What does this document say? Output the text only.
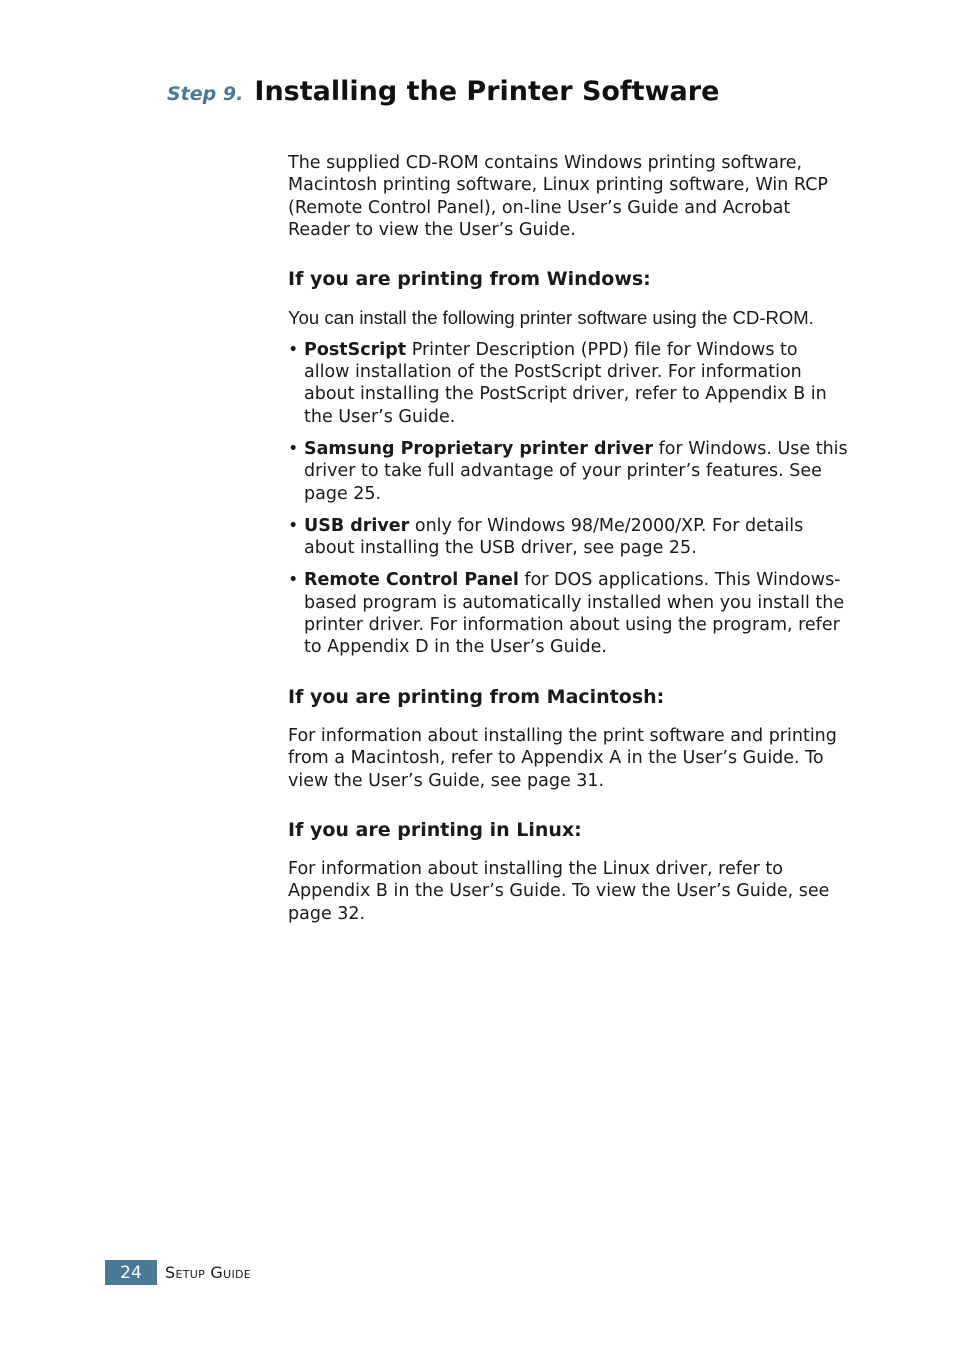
Step 9. Installing the Printer Software

The supplied CD-ROM contains Windows printing software, Macintosh printing software, Linux printing software, Win RCP (Remote Control Panel), on-line User’s Guide and Acrobat Reader to view the User’s Guide.

If you are printing from Windows:

You can install the following printer software using the CD-ROM.

• PostScript Printer Description (PPD) file for Windows to allow installation of the PostScript driver. For information about installing the PostScript driver, refer to Appendix B in the User’s Guide.
• Samsung Proprietary printer driver for Windows. Use this driver to take full advantage of your printer’s features. See page 25.
• USB driver only for Windows 98/Me/2000/XP. For details about installing the USB driver, see page 25.
• Remote Control Panel for DOS applications. This Windows-based program is automatically installed when you install the printer driver. For information about using the program, refer to Appendix D in the User’s Guide.
If you are printing from Macintosh:

For information about installing the print software and printing from a Macintosh, refer to Appendix A in the User’s Guide. To view the User’s Guide, see page 31.

If you are printing in Linux:

For information about installing the Linux driver, refer to Appendix B in the User’s Guide. To view the User’s Guide, see page 32.

24	Setup Guide
